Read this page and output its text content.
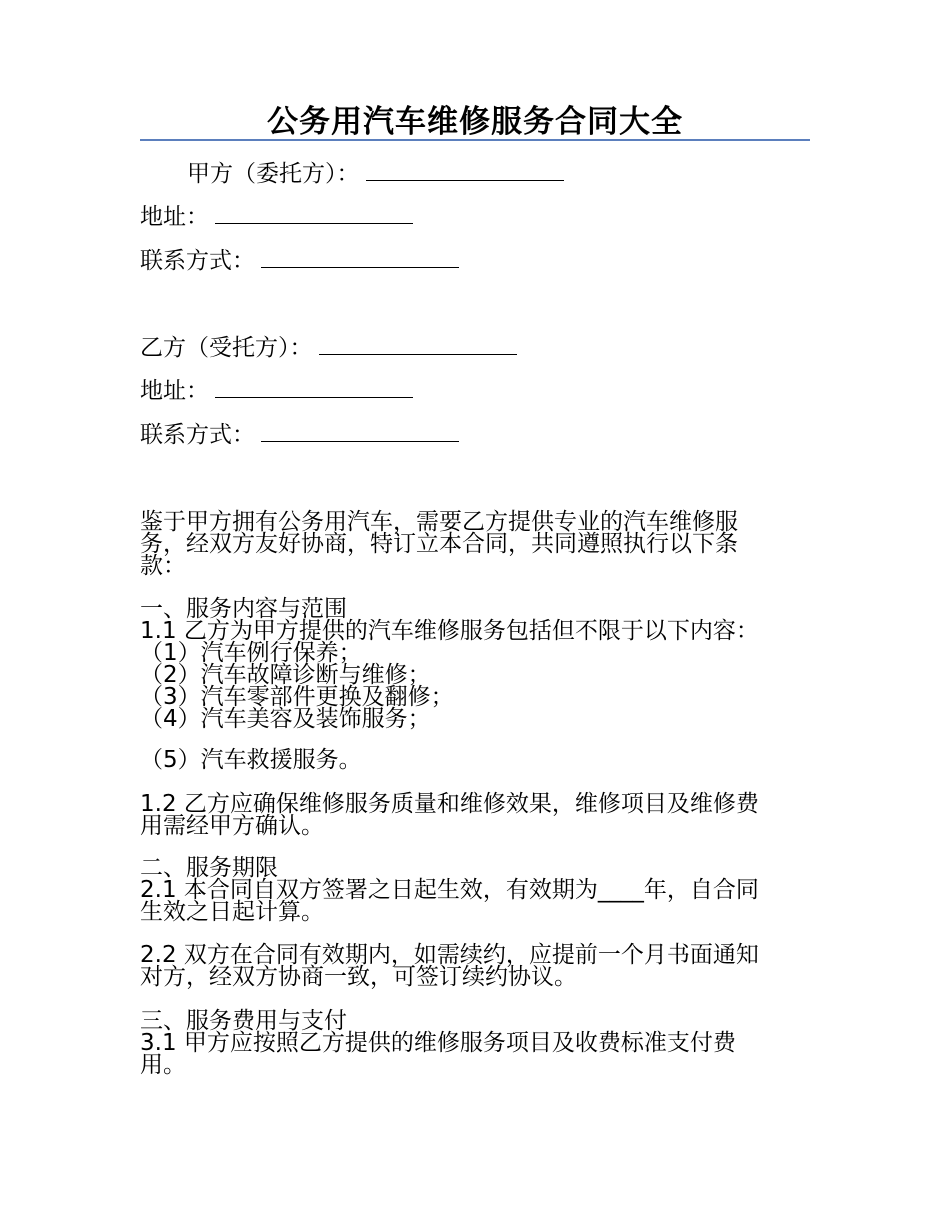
公务用汽车维修服务合同大全
甲方（委托方）：
地址：
联系方式：
乙方（受托方）：
地址：
联系方式：
鉴于甲方拥有公务用汽车，需要乙方提供专业的汽车维修服
务，经双方友好协商，特订立本合同，共同遵照执行以下条
款：
一、服务内容与范围
1.1 乙方为甲方提供的汽车维修服务包括但不限于以下内容：
（1）汽车例行保养；
（2）汽车故障诊断与维修；
（3）汽车零部件更换及翻修；
（4）汽车美容及装饰服务；
（5）汽车救援服务。
1.2 乙方应确保维修服务质量和维修效果，维修项目及维修费
用需经甲方确认。
二、服务期限
2.1 本合同自双方签署之日起生效，有效期为____年，自合同
生效之日起计算。
2.2 双方在合同有效期内，如需续约，应提前一个月书面通知
对方，经双方协商一致，可签订续约协议。
三、服务费用与支付
3.1 甲方应按照乙方提供的维修服务项目及收费标准支付费
用。
